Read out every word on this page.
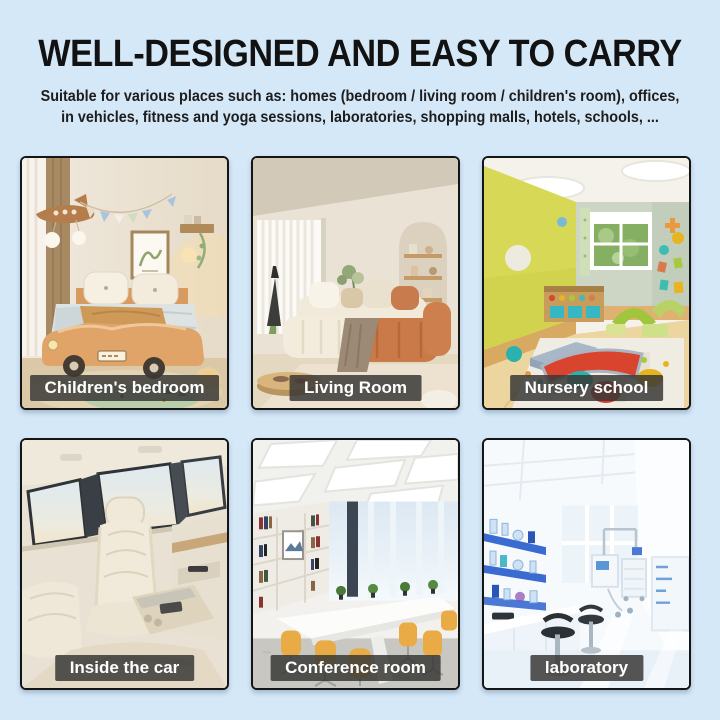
WELL-DESIGNED AND EASY TO CARRY
Suitable for various places such as: homes (bedroom / living room / children's room), offices,
in vehicles, fitness and yoga sessions, laboratories, shopping malls, hotels, schools, ...
Children's bedroom	Living Room	Nursery school
Inside the car	Conference room	laboratory
